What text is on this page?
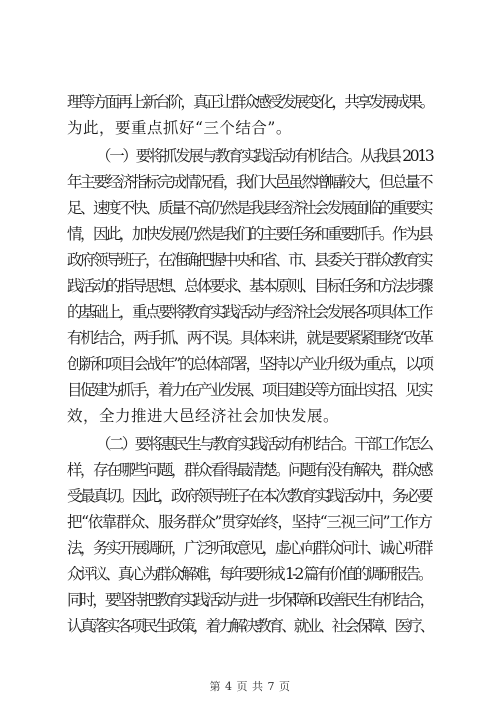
理等方面再上新台阶，真正让群众感受发展变化，共享发展成果。
为此，要重点抓好“三个结合”。
（一）要将抓发展与教育实践活动有机结合。从我县 2013
年主要经济指标完成情况看，我们大邑虽然增幅较大，但总量不
足、速度不快、质量不高仍然是我县经济社会发展面临的重要实
情，因此，加快发展仍然是我们的主要任务和重要抓手。作为县
政府领导班子，在准确把握中央和省、市、县委关于群众教育实
践活动的指导思想、总体要求、基本原则、目标任务和方法步骤
的基础上，重点要将教育实践活动与经济社会发展各项具体工作
有机结合，两手抓、两不误。具体来讲，就是要紧紧围绕“改革
创新和项目会战年”的总体部署，坚持以产业升级为重点，以项
目促建为抓手，着力在产业发展、项目建设等方面出实招、见实
效，全力推进大邑经济社会加快发展。
（二）要将惠民生与教育实践活动有机结合。干部工作怎么
样，存在哪些问题，群众看得最清楚。问题有没有解决，群众感
受最真切。因此，政府领导班子在本次教育实践活动中，务必要
把“依靠群众、服务群众”贯穿始终，坚持“三视三问”工作方
法，务实开展调研，广泛听取意见，虚心向群众问计、诚心听群
众评议、真心为群众解难，每年要形成 1-2 篇有价值的调研报告。
同时，要坚持把教育实践活动与进一步保障和改善民生有机结合，
认真落实各项民生政策，着力解决教育、就业、社会保障、医疗、
第 4 页 共 7 页
